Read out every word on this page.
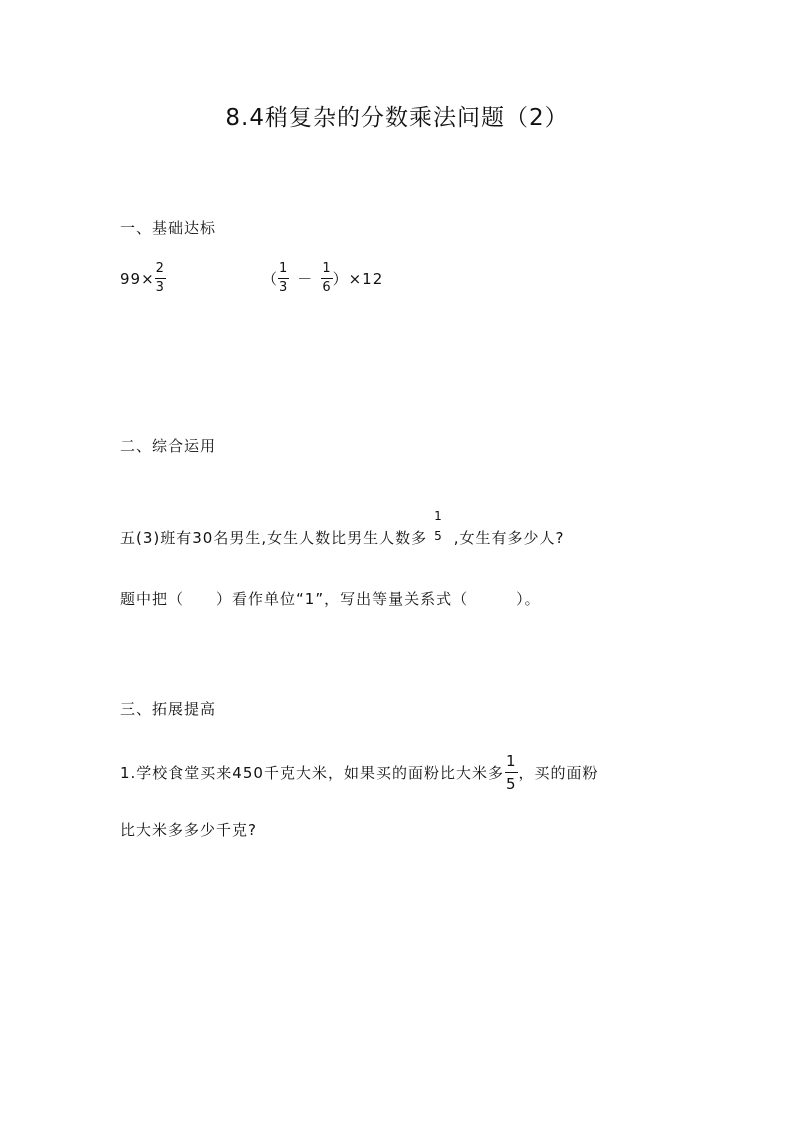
8.4稍复杂的分数乘法问题（2）
一、基础达标
$99\times \frac{2}{3}$	（ $\frac{1}{3} - \frac{1}{6} )\times 12$
二、综合运用
五(3)班有30名男生,女生人数比男生人数多
1
5 ,女生有多少人?
题中把（　　）看作单位“1”，写出等量关系式（　　　）。
三、拓展提高
1.学校食堂买来450千克大米，如果买的面粉比大米多 $\frac{1}{5}$ ，买的面粉
比大米多多少千克?
